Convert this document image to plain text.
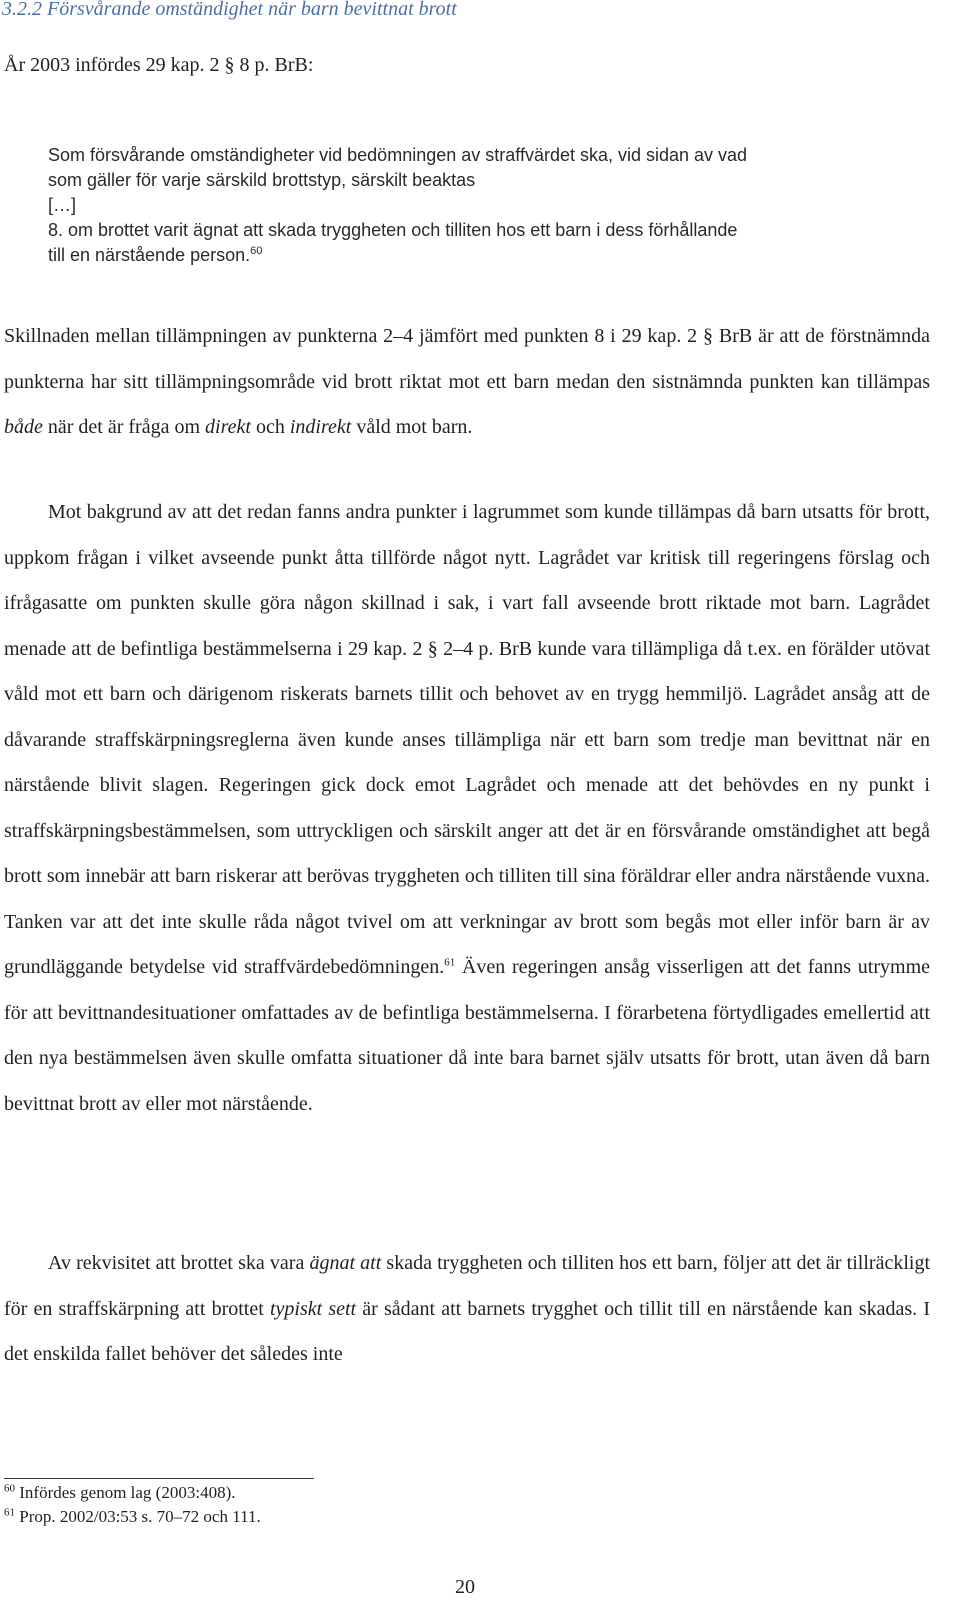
3.2.2 Försvårande omständighet när barn bevittnat brott
År 2003 infördes 29 kap. 2 § 8 p. BrB:
Som försvårande omständigheter vid bedömningen av straffvärdet ska, vid sidan av vad
som gäller för varje särskild brottstyp, särskilt beaktas
[…]
8. om brottet varit ägnat att skada tryggheten och tilliten hos ett barn i dess förhållande
till en närstående person.$^{60}$
Skillnaden mellan tillämpningen av punkterna 2–4 jämfört med punkten 8 i 29 kap. 2 § BrB är att de förstnämnda punkterna har sitt tillämpningsområde vid brott riktat mot ett barn medan den sistnämnda punkten kan tillämpas både när det är fråga om direkt och indirekt våld mot barn.
Mot bakgrund av att det redan fanns andra punkter i lagrummet som kunde tillämpas då barn utsatts för brott, uppkom frågan i vilket avseende punkt åtta tillförde något nytt. Lagrådet var kritisk till regeringens förslag och ifrågasatte om punkten skulle göra någon skillnad i sak, i vart fall avseende brott riktade mot barn. Lagrådet menade att de befintliga bestämmelserna i 29 kap. 2 § 2–4 p. BrB kunde vara tillämpliga då t.ex. en förälder utövat våld mot ett barn och därigenom riskerats barnets tillit och behovet av en trygg hemmiljö. Lagrådet ansåg att de dåvarande straffskärpningsreglerna även kunde anses tillämpliga när ett barn som tredje man bevittnat när en närstående blivit slagen. Regeringen gick dock emot Lagrådet och menade att det behövdes en ny punkt i straffskärpningsbestämmelsen, som uttryckligen och särskilt anger att det är en försvårande omständighet att begå brott som innebär att barn riskerar att berövas tryggheten och tilliten till sina föräldrar eller andra närstående vuxna. Tanken var att det inte skulle råda något tvivel om att verkningar av brott som begås mot eller inför barn är av grundläggande betydelse vid straffvärdebedömningen.$^{61}$ Även regeringen ansåg visserligen att det fanns utrymme för att bevittnandesituationer omfattades av de befintliga bestämmelserna. I förarbetena förtydligades emellertid att den nya bestämmelsen även skulle omfatta situationer då inte bara barnet själv utsatts för brott, utan även då barn bevittnat brott av eller mot närstående.
Av rekvisitet att brottet ska vara ägnat att skada tryggheten och tilliten hos ett barn, följer att det är tillräckligt för en straffskärpning att brottet typiskt sett är sådant att barnets trygghet och tillit till en närstående kan skadas. I det enskilda fallet behöver det således inte
$^{60}$ Infördes genom lag (2003:408).
$^{61}$ Prop. 2002/03:53 s. 70–72 och 111.
20
